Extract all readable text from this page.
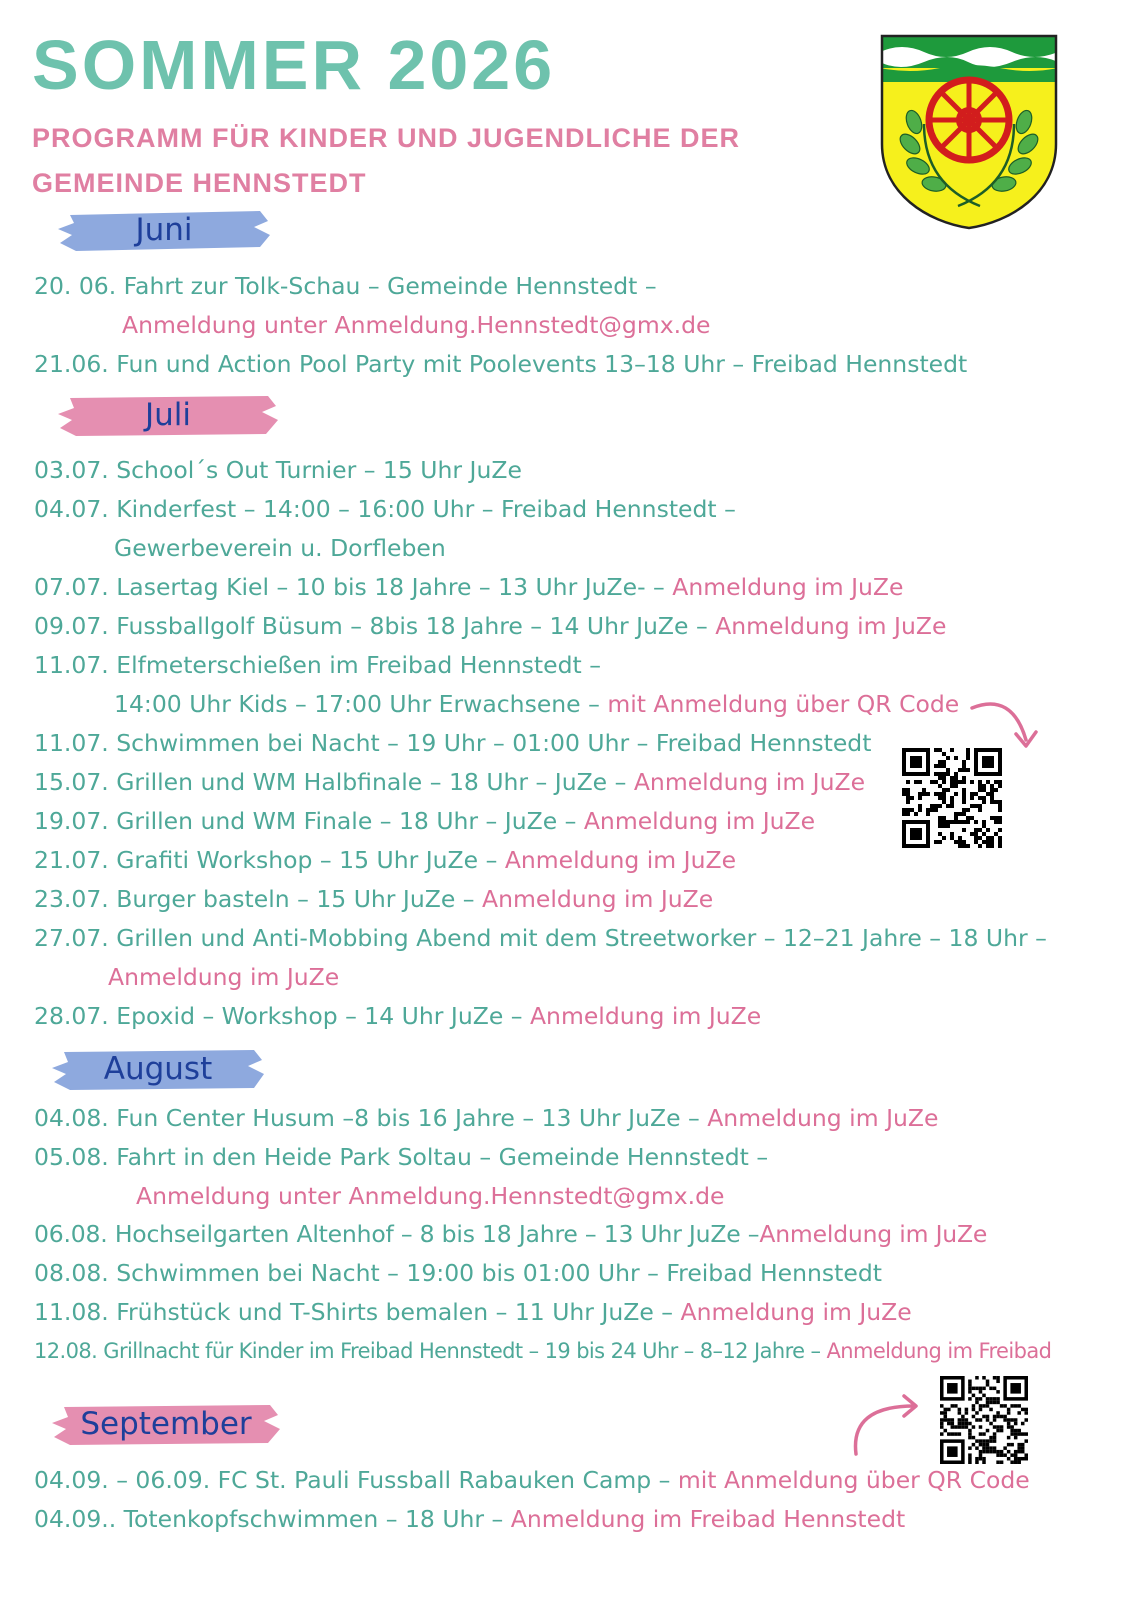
SOMMER 2026
PROGRAMM FÜR KINDER UND JUGENDLICHE DER GEMEINDE HENNSTEDT
Juni
Juli
August
September
20. 06. Fahrt zur Tolk-Schau – Gemeinde Hennstedt –
Anmeldung unter Anmeldung.Hennstedt@gmx.de
21.06. Fun und Action Pool Party mit Poolevents 13–18 Uhr – Freibad Hennstedt
03.07. School´s Out Turnier – 15 Uhr JuZe
04.07. Kinderfest – 14:00 – 16:00 Uhr – Freibad Hennstedt –
Gewerbeverein u. Dorfleben
07.07. Lasertag Kiel – 10 bis 18 Jahre – 13 Uhr JuZe- – Anmeldung im JuZe
09.07. Fussballgolf Büsum – 8bis 18 Jahre – 14 Uhr JuZe – Anmeldung im JuZe
11.07. Elfmeterschießen im Freibad Hennstedt –
14:00 Uhr Kids – 17:00 Uhr Erwachsene – mit Anmeldung über QR Code
11.07. Schwimmen bei Nacht – 19 Uhr – 01:00 Uhr – Freibad Hennstedt
15.07. Grillen und WM Halbfinale – 18 Uhr – JuZe – Anmeldung im JuZe
19.07. Grillen und WM Finale – 18 Uhr – JuZe – Anmeldung im JuZe
21.07. Grafiti Workshop – 15 Uhr JuZe – Anmeldung im JuZe
23.07. Burger basteln – 15 Uhr JuZe – Anmeldung im JuZe
27.07. Grillen und Anti-Mobbing Abend mit dem Streetworker – 12–21 Jahre – 18 Uhr –
Anmeldung im JuZe
28.07. Epoxid – Workshop – 14 Uhr JuZe – Anmeldung im JuZe
04.08. Fun Center Husum –8 bis 16 Jahre – 13 Uhr JuZe – Anmeldung im JuZe
05.08. Fahrt in den Heide Park Soltau – Gemeinde Hennstedt –
Anmeldung unter Anmeldung.Hennstedt@gmx.de
06.08. Hochseilgarten Altenhof – 8 bis 18 Jahre – 13 Uhr JuZe –Anmeldung im JuZe
08.08. Schwimmen bei Nacht – 19:00 bis 01:00 Uhr – Freibad Hennstedt
11.08. Frühstück und T-Shirts bemalen – 11 Uhr JuZe – Anmeldung im JuZe
12.08. Grillnacht für Kinder im Freibad Hennstedt – 19 bis 24 Uhr – 8–12 Jahre – Anmeldung im Freibad
04.09. – 06.09. FC St. Pauli Fussball Rabauken Camp – mit Anmeldung über QR Code
04.09.. Totenkopfschwimmen – 18 Uhr – Anmeldung im Freibad Hennstedt
